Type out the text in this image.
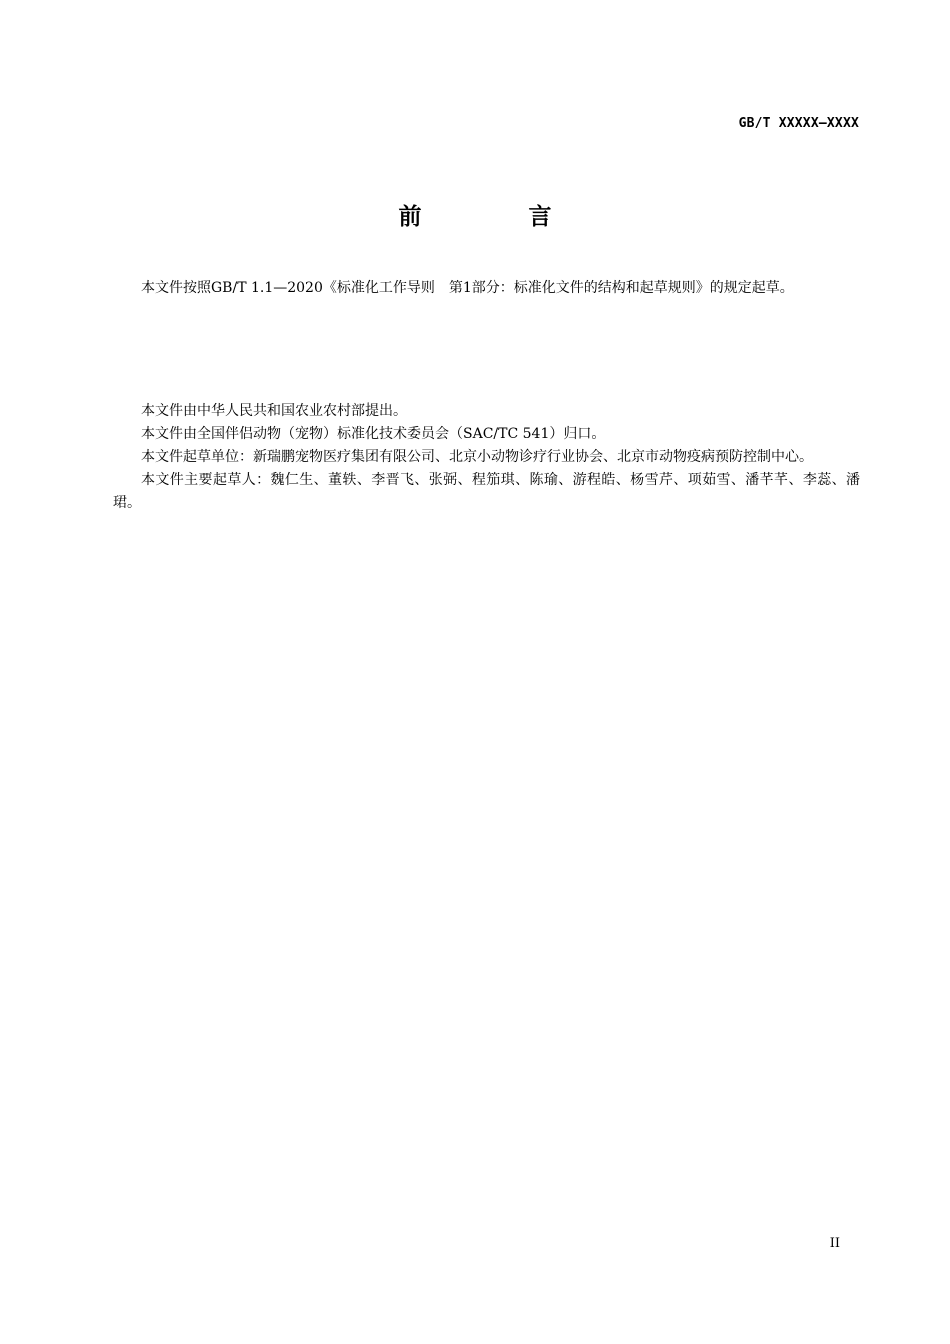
GB/T XXXXX—XXXX
前　言

本文件按照GB/T 1.1—2020《标准化工作导则　第1部分：标准化文件的结构和起草规则》的规定起草。

本文件由中华人民共和国农业农村部提出。

本文件由全国伴侣动物（宠物）标准化技术委员会（SAC/TC 541）归口。

本文件起草单位：新瑞鹏宠物医疗集团有限公司、北京小动物诊疗行业协会、北京市动物疫病预防控制中心。

本文件主要起草人：魏仁生、董轶、李晋飞、张弼、程笳琪、陈瑜、游程皓、杨雪芹、项茹雪、潘芊芊、李蕊、潘珺。

II
